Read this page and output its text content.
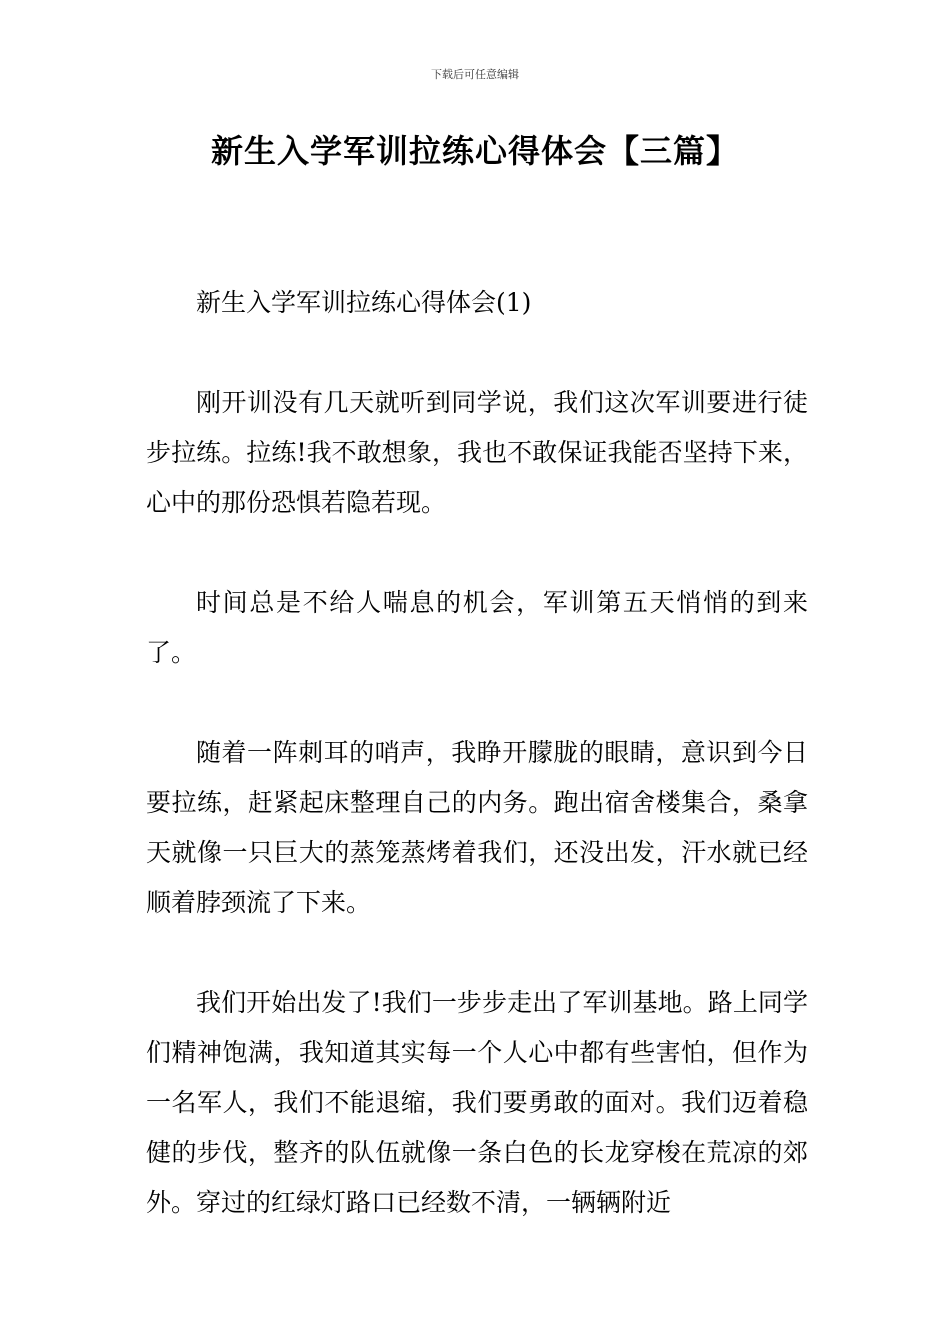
下载后可任意编辑
新生入学军训拉练心得体会【三篇】

新生入学军训拉练心得体会(1)

刚开训没有几天就听到同学说，我们这次军训要进行徒步拉练。拉练!我不敢想象，我也不敢保证我能否坚持下来，心中的那份恐惧若隐若现。

时间总是不给人喘息的机会，军训第五天悄悄的到来了。

随着一阵刺耳的哨声，我睁开朦胧的眼睛，意识到今日要拉练，赶紧起床整理自己的内务。跑出宿舍楼集合，桑拿天就像一只巨大的蒸笼蒸烤着我们，还没出发，汗水就已经顺着脖颈流了下来。

我们开始出发了!我们一步步走出了军训基地。路上同学们精神饱满，我知道其实每一个人心中都有些害怕，但作为一名军人，我们不能退缩，我们要勇敢的面对。我们迈着稳健的步伐，整齐的队伍就像一条白色的长龙穿梭在荒凉的郊外。穿过的红绿灯路口已经数不清，一辆辆附近
